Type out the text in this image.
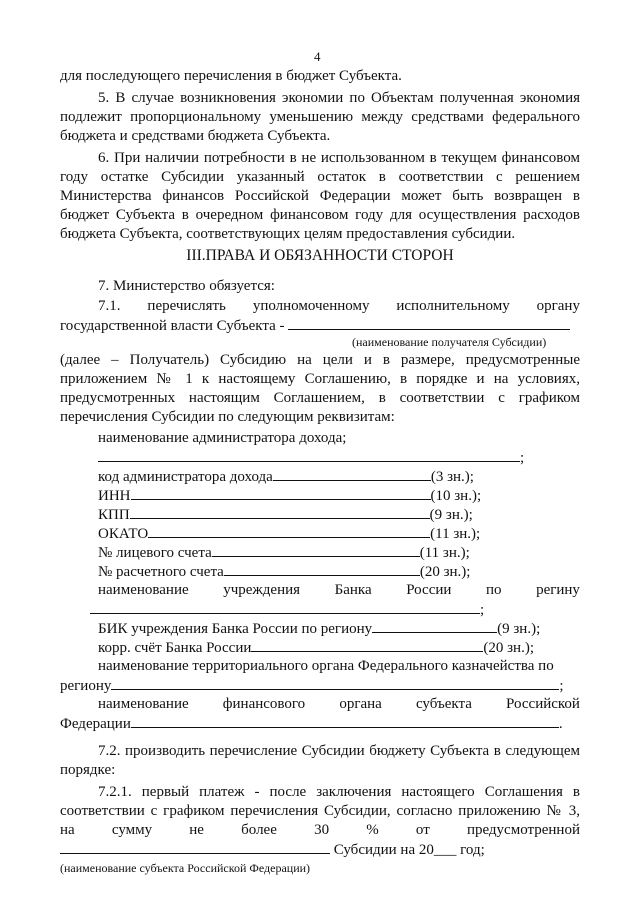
4
для последующего перечисления в бюджет Субъекта.
5. В случае возникновения экономии по Объектам полученная экономия
подлежит пропорциональному уменьшению между средствами федерального
бюджета и средствами бюджета Субъекта.
6. При наличии потребности в не использованном в текущем финансовом
году остатке Субсидии указанный остаток в соответствии с решением
Министерства финансов Российской Федерации может быть возвращен в
бюджет Субъекта в очередном финансовом году для осуществления расходов
бюджета Субъекта, соответствующих целям предоставления субсидии.
III.ПРАВА И ОБЯЗАННОСТИ СТОРОН
7. Министерство обязуется:
7.1. перечислять уполномоченному исполнительному органу
государственной власти Субъекта -
(наименование получателя Субсидии)
(далее – Получатель) Субсидию на цели и в размере, предусмотренные
приложением № 1 к настоящему Соглашению, в порядке и на условиях,
предусмотренных настоящим Соглашением, в соответствии с графиком
перечисления Субсидии по следующим реквизитам:
наименование администратора дохода;
;
код администратора дохода	(3 зн.);
ИНН	(10 зн.);
КПП	(9 зн.);
ОКАТО	(11 зн.);
№ лицевого счета	(11 зн.);
№ расчетного счета	(20 зн.);
наименование учреждения Банка России по регину
;
БИК учреждения Банка России по региону	(9 зн.);
корр. счёт Банка России	(20 зн.);
наименование территориального органа Федерального казначейства по
региону	;
наименование финансового органа субъекта Российской
Федерации	.
7.2. производить перечисление Субсидии бюджету Субъекта в следующем
порядке:
7.2.1. первый платеж - после заключения настоящего Соглашения в
соответствии с графиком перечисления Субсидии, согласно приложению № 3,
на сумму не более 30 % от предусмотренной
Субсидии на 20___ год;
(наименование субъекта Российской Федерации)
